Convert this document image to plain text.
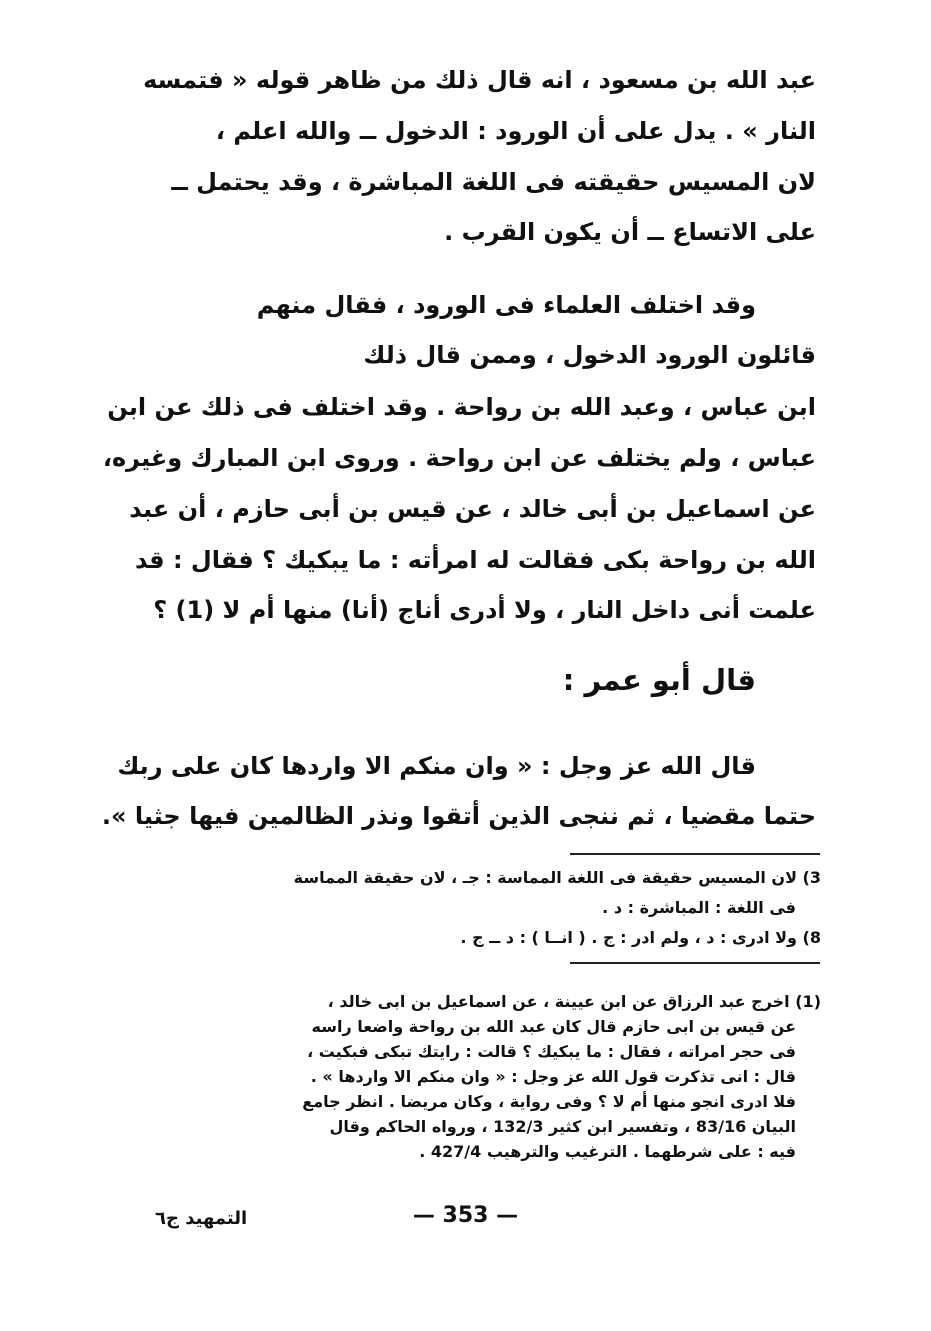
عبد الله بن مسعود ، انه قال ذلك من ظاهر قوله « فتمسه
النار » . يدل على أن الورود : الدخول ــ والله اعلم ،
لان المسيس حقيقته فى اللغة المباشرة ، وقد يحتمل ــ
على الاتساع ــ أن يكون القرب .
وقد اختلف العلماء فى الورود ، فقال منهم
قائلون الورود الدخول ، وممن قال ذلك
ابن عباس ، وعبد الله بن رواحة . وقد اختلف فى ذلك عن ابن
عباس ، ولم يختلف عن ابن رواحة . وروى ابن المبارك وغيره،
عن اسماعيل بن أبى خالد ، عن قيس بن أبى حازم ، أن عبد
الله بن رواحة بكى فقالت له امرأته : ما يبكيك ؟ فقال : قد
علمت أنى داخل النار ، ولا أدرى أناج (أنا) منها أم لا (1) ؟
قال أبو عمر :
قال الله عز وجل : « وان منكم الا واردها كان على ربك
حتما مقضيا ، ثم ننجى الذين أتقوا ونذر الظالمين فيها جثيا ».
3) لان المسيس حقيقة فى اللغة المماسة : جـ ، لان حقيقة المماسة
فى اللغة : المباشرة : د .
8) ولا ادرى : د ، ولم ادر : ج . ( انــا ) : د ــ ج .
(1) اخرج عبد الرزاق عن ابن عيينة ، عن اسماعيل بن ابى خالد ،
عن قيس بن ابى حازم قال كان عبد الله بن رواحة واضعا راسه
فى حجر امراته ، فقال : ما يبكيك ؟ قالت : رايتك تبكى فبكيت ،
قال : انى تذكرت قول الله عز وجل : « وان منكم الا واردها » .
فلا ادرى انجو منها أم لا ؟ وفى رواية ، وكان مريضا . انظر جامع
البيان 83/16 ، وتفسير ابن كثير 132/3 ، ورواه الحاكم وقال
فيه : على شرطهما . الترغيب والترهيب 427/4 .
— 353 —
التمهيد ج٦
